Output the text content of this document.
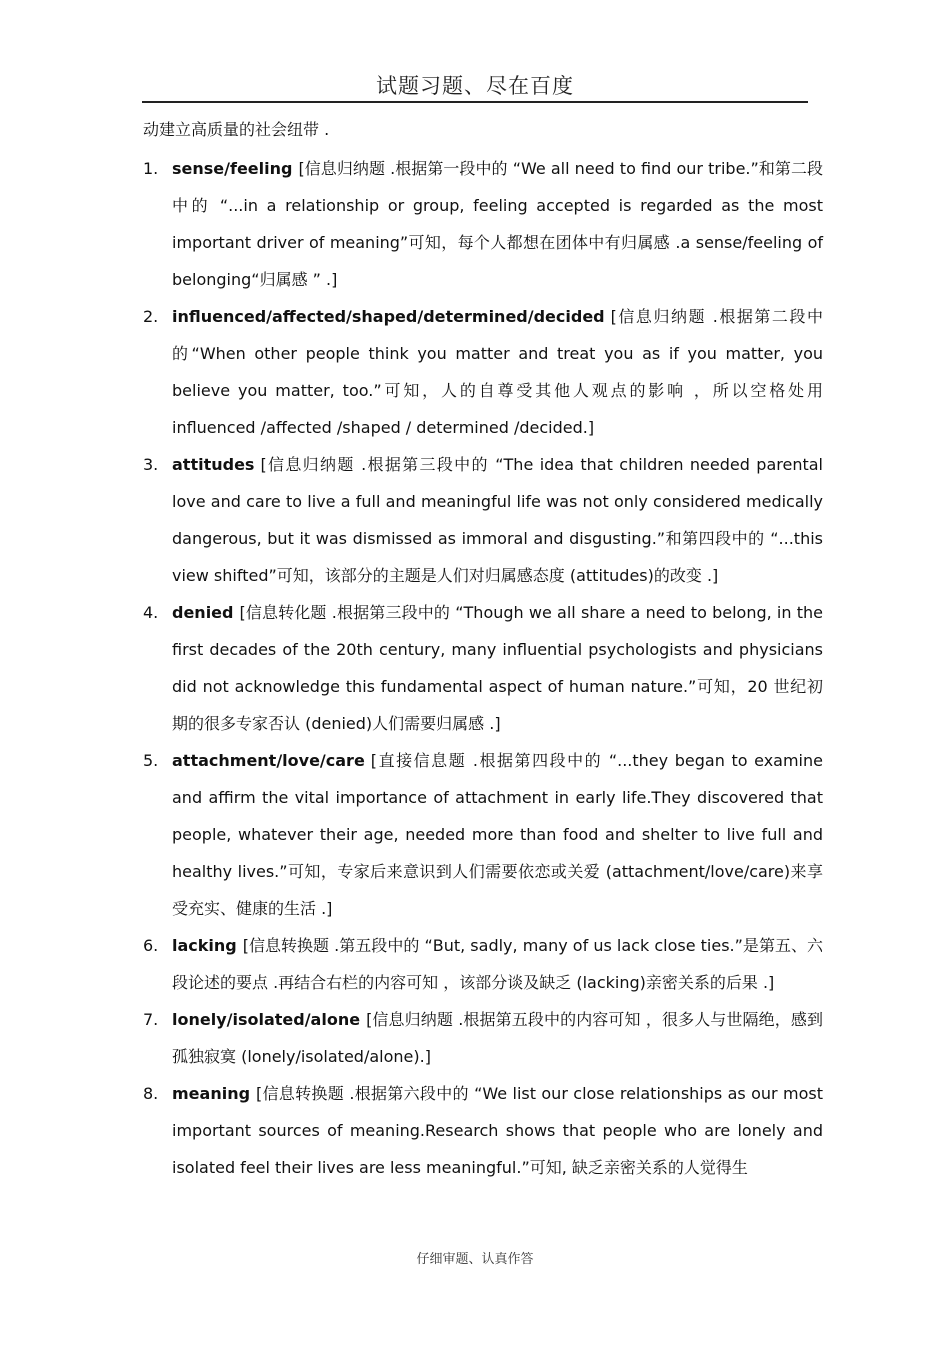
试题习题、尽在百度
动建立高质量的社会纽带 .
1. sense/feeling [信息归纳题 .根据第一段中的 “We all need to find our tribe.”和第二段中的 “...in a relationship or group, feeling accepted is regarded as the most important driver of meaning”可知，每个人都想在团体中有归属感 .a sense/feeling of belonging“归属感 ” .]
2. influenced/affected/shaped/determined/decided [信息归纳题 .根据第二段中的“When other people think you matter and treat you as if you matter, you believe you matter, too.”可知，人的自尊受其他人观点的影响 ，所以空格处用 influenced /affected /shaped / determined /decided.]
3. attitudes [信息归纳题 .根据第三段中的 “The idea that children needed parental love and care to live a full and meaningful life was not only considered medically dangerous, but it was dismissed as immoral and disgusting.”和第四段中的 “...this view shifted”可知，该部分的主题是人们对归属感态度 (attitudes)的改变 .]
4. denied [信息转化题 .根据第三段中的 “Though we all share a need to belong, in the first decades of the 20th century, many influential psychologists and physicians did not acknowledge this fundamental aspect of human nature.”可知，20 世纪初期的很多专家否认 (denied)人们需要归属感 .]
5. attachment/love/care [直接信息题 .根据第四段中的 “...they began to examine and affirm the vital importance of attachment in early life.They discovered that people, whatever their age, needed more than food and shelter to live full and healthy lives.”可知，专家后来意识到人们需要依恋或关爱 (attachment/love/care)来享受充实、健康的生活 .]
6. lacking [信息转换题 .第五段中的 “But, sadly, many of us lack close ties.”是第五、六段论述的要点 .再结合右栏的内容可知 ，该部分谈及缺乏 (lacking)亲密关系的后果 .]
7. lonely/isolated/alone [信息归纳题 .根据第五段中的内容可知 ，很多人与世隔绝，感到孤独寂寞 (lonely/isolated/alone).]
8. meaning [信息转换题 .根据第六段中的 “We list our close relationships as our most important sources of meaning.Research shows that people who are lonely and isolated feel their lives are less meaningful.”可知, 缺乏亲密关系的人觉得生
仔细审题、认真作答
